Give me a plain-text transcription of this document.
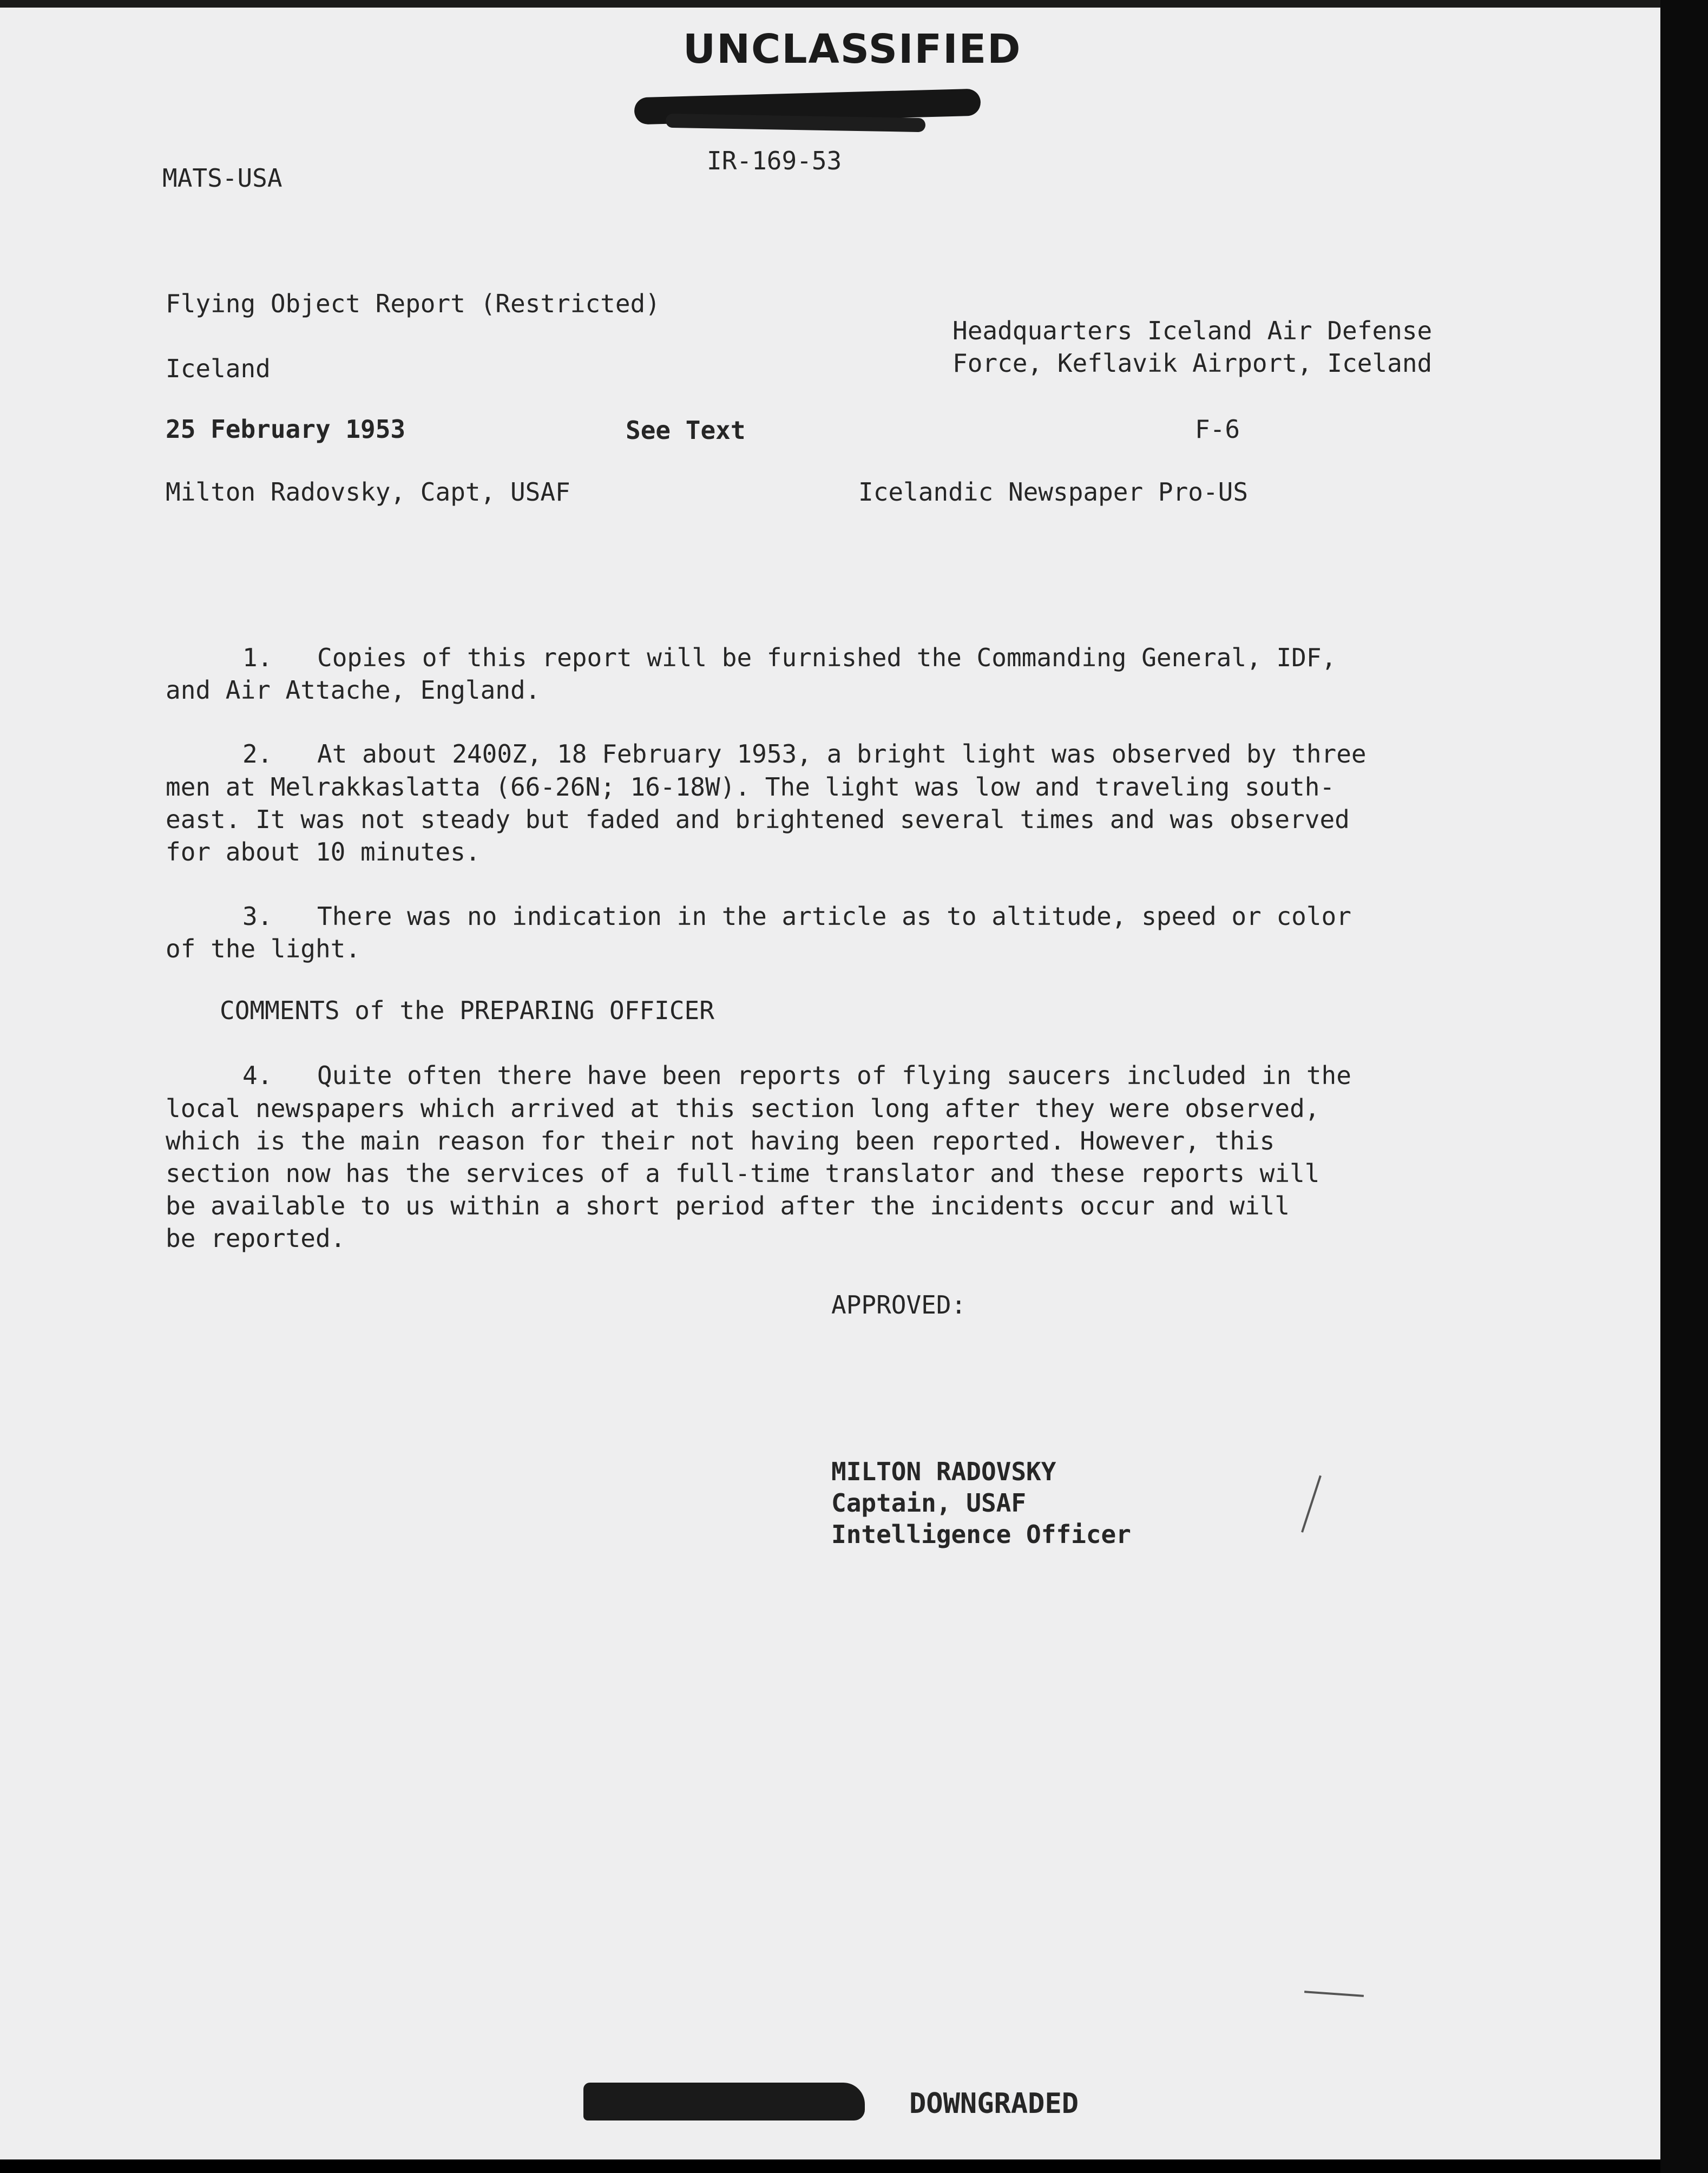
UNCLASSIFIED
IR-169-53
MATS-USA
Flying Object Report (Restricted)
Headquarters Iceland Air Defense
Force, Keflavik Airport, Iceland
Iceland
25 February 1953	See Text	F-6
Milton Radovsky, Capt, USAF	Icelandic Newspaper Pro-US
1. Copies of this report will be furnished the Commanding General, IDF,
and Air Attache, England.
2. At about 2400Z, 18 February 1953, a bright light was observed by three
men at Melrakkaslatta (66-26N; 16-18W). The light was low and traveling south-
east. It was not steady but faded and brightened several times and was observed
for about 10 minutes.
3. There was no indication in the article as to altitude, speed or color
of the light.
COMMENTS of the PREPARING OFFICER
4. Quite often there have been reports of flying saucers included in the
local newspapers which arrived at this section long after they were observed,
which is the main reason for their not having been reported. However, this
section now has the services of a full-time translator and these reports will
be available to us within a short period after the incidents occur and will
be reported.
APPROVED:
MILTON RADOVSKY
Captain, USAF
Intelligence Officer
DOWNGRADED
